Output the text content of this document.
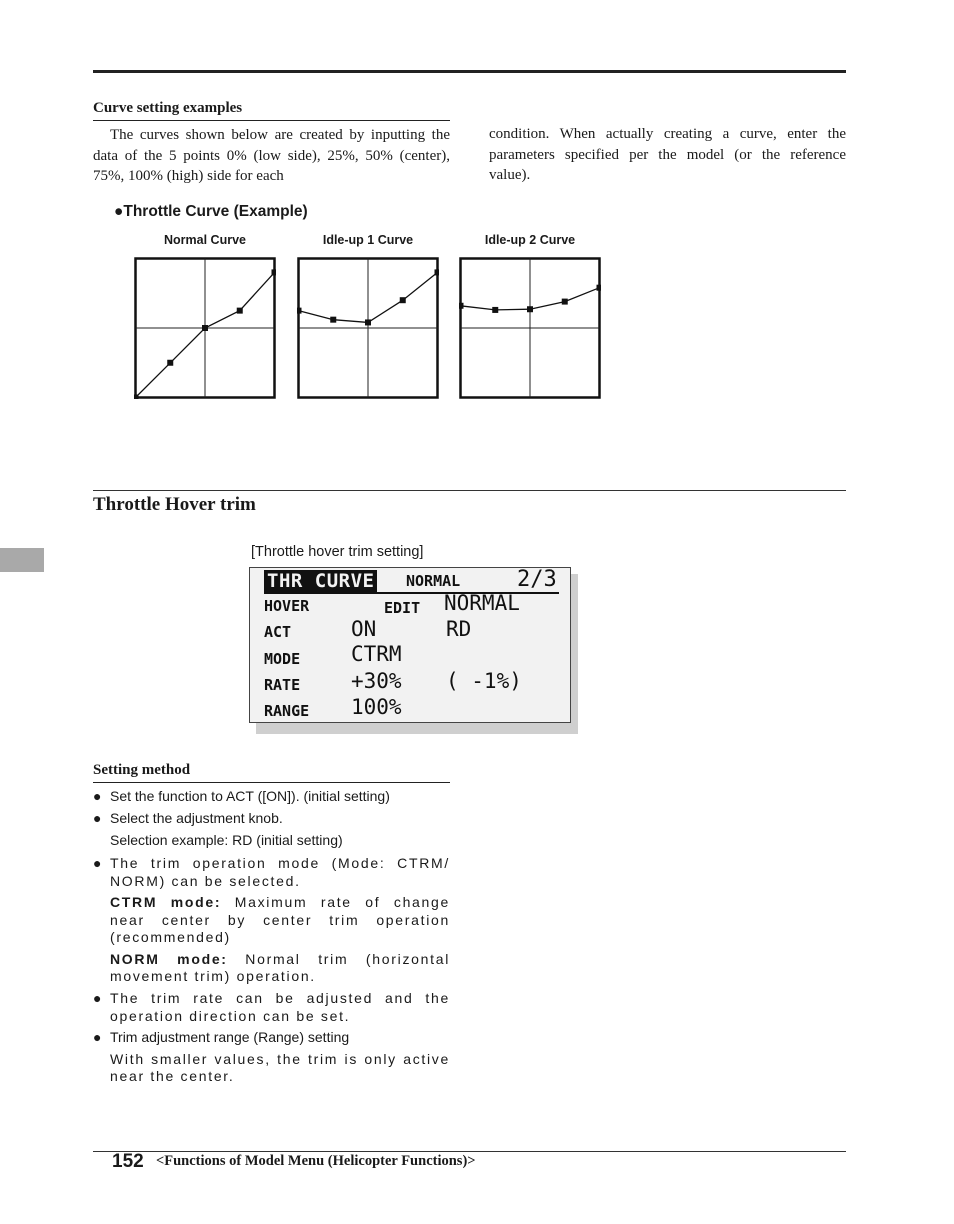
Curve setting examples
The curves shown below are created by inputting the data of the 5 points 0% (low side), 25%, 50% (center), 75%, 100% (high) side for each
condition. When actually creating a curve, enter the parameters specified per the model (or the reference value).
●Throttle Curve (Example)
Normal Curve	Idle-up 1 Curve	Idle-up 2 Curve
Throttle Hover trim
[Throttle hover trim setting]
THR CURVE NORMAL	2/3
HOVER	EDIT NORMAL
ACT	ON	RD
MODE CTRM
RATE +30% ( -1%)
RANGE 100%
Setting method
● Set the function to ACT ([ON]). (initial setting)
● Select the adjustment knob.
Selection example: RD (initial setting)
● The trim operation mode (Mode: CTRM/ NORM) can be selected.
CTRM mode: Maximum rate of change near center by center trim operation (recommended)
NORM mode: Normal trim (horizontal movement trim) operation.
● The trim rate can be adjusted and the operation direction can be set.
● Trim adjustment range (Range) setting
With smaller values, the trim is only active near the center.
152 <Functions of Model Menu (Helicopter Functions)>
